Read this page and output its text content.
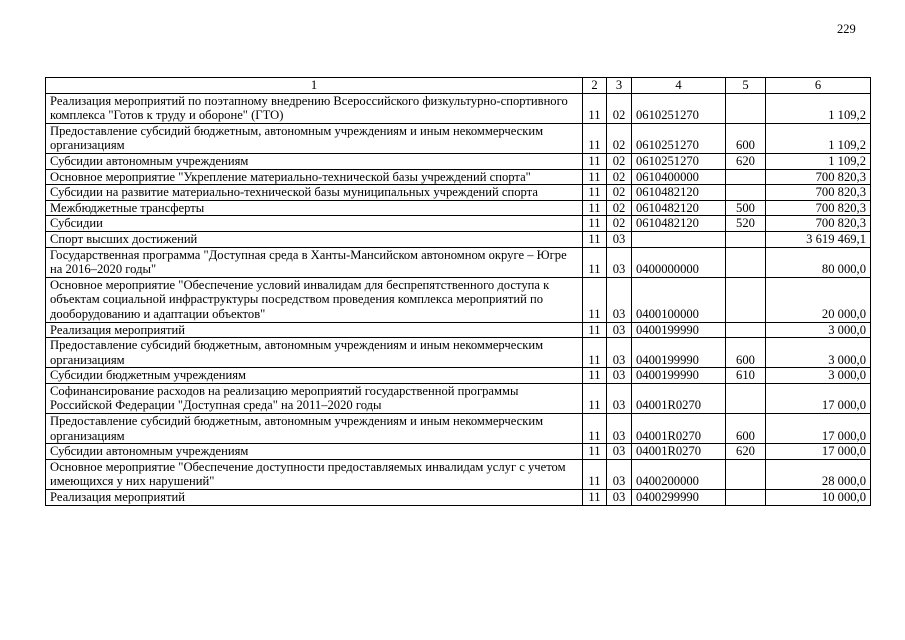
229
1	2	3	4	5	6
Реализация мероприятий по поэтапному внедрению Всероссийского физкультурно-спортивного комплекса "Готов к труду и обороне" (ГТО)	11	02	0610251270		1 109,2
Предоставление субсидий бюджетным, автономным учреждениям и иным некоммерческим организациям	11	02	0610251270	600	1 109,2
Субсидии автономным учреждениям	11	02	0610251270	620	1 109,2
Основное мероприятие "Укрепление материально-технической базы учреждений спорта"	11	02	0610400000		700 820,3
Субсидии на развитие материально-технической базы муниципальных учреждений спорта	11	02	0610482120		700 820,3
Межбюджетные трансферты	11	02	0610482120	500	700 820,3
Субсидии	11	02	0610482120	520	700 820,3
Спорт высших достижений	11	03			3 619 469,1
Государственная программа "Доступная среда в Ханты-Мансийском автономном округе – Югре на 2016–2020 годы"	11	03	0400000000		80 000,0
Основное мероприятие "Обеспечение условий инвалидам для беспрепятственного доступа к объектам социальной инфраструктуры посредством проведения комплекса мероприятий по дооборудованию и адаптации объектов"	11	03	0400100000		20 000,0
Реализация мероприятий	11	03	0400199990		3 000,0
Предоставление субсидий бюджетным, автономным учреждениям и иным некоммерческим организациям	11	03	0400199990	600	3 000,0
Субсидии бюджетным учреждениям	11	03	0400199990	610	3 000,0
Софинансирование расходов на реализацию мероприятий государственной программы Российской Федерации "Доступная среда" на 2011–2020 годы	11	03	04001R0270		17 000,0
Предоставление субсидий бюджетным, автономным учреждениям и иным некоммерческим организациям	11	03	04001R0270	600	17 000,0
Субсидии автономным учреждениям	11	03	04001R0270	620	17 000,0
Основное мероприятие "Обеспечение доступности предоставляемых инвалидам услуг с учетом имеющихся у них нарушений"	11	03	0400200000		28 000,0
Реализация мероприятий	11	03	0400299990		10 000,0
